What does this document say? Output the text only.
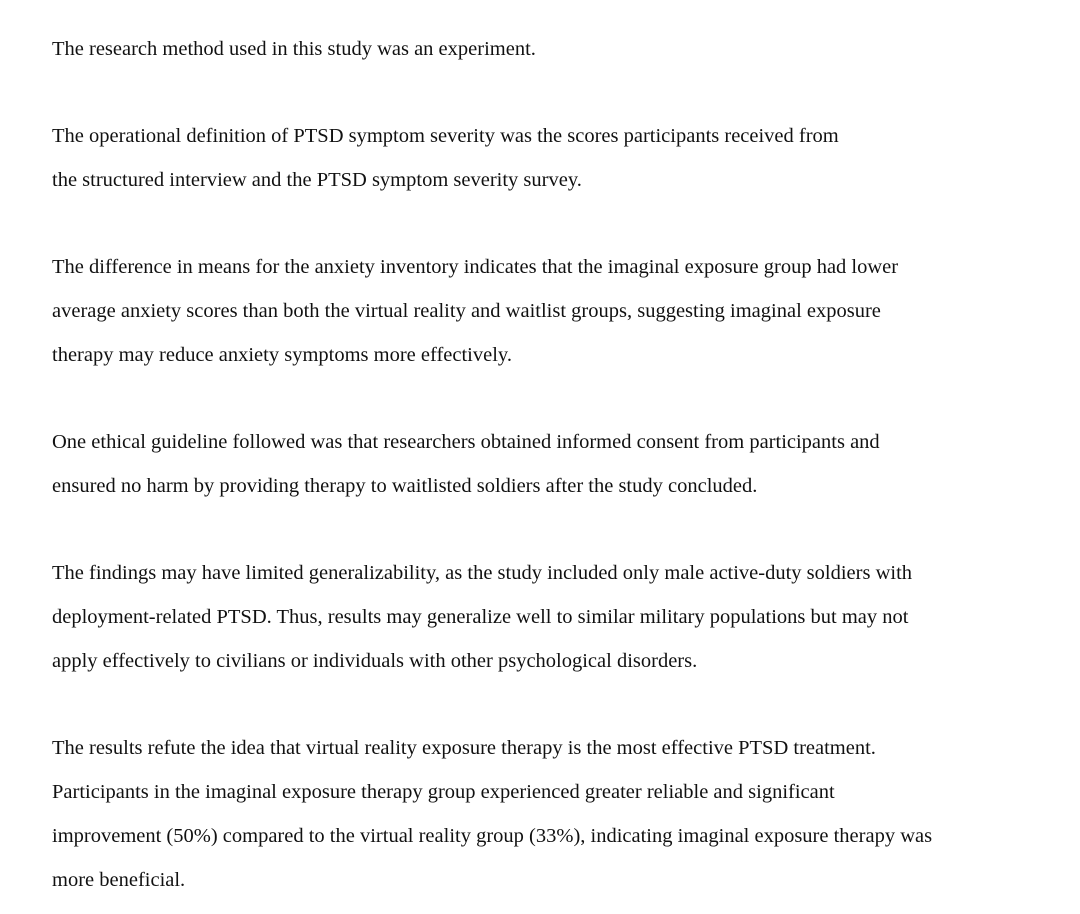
The research method used in this study was an experiment.

The operational definition of PTSD symptom severity was the scores participants received from
the structured interview and the PTSD symptom severity survey.

The difference in means for the anxiety inventory indicates that the imaginal exposure group had lower
average anxiety scores than both the virtual reality and waitlist groups, suggesting imaginal exposure
therapy may reduce anxiety symptoms more effectively.

One ethical guideline followed was that researchers obtained informed consent from participants and
ensured no harm by providing therapy to waitlisted soldiers after the study concluded.

The findings may have limited generalizability, as the study included only male active-duty soldiers with
deployment-related PTSD. Thus, results may generalize well to similar military populations but may not
apply effectively to civilians or individuals with other psychological disorders.

The results refute the idea that virtual reality exposure therapy is the most effective PTSD treatment.
Participants in the imaginal exposure therapy group experienced greater reliable and significant
improvement (50%) compared to the virtual reality group (33%), indicating imaginal exposure therapy was
more beneficial.
